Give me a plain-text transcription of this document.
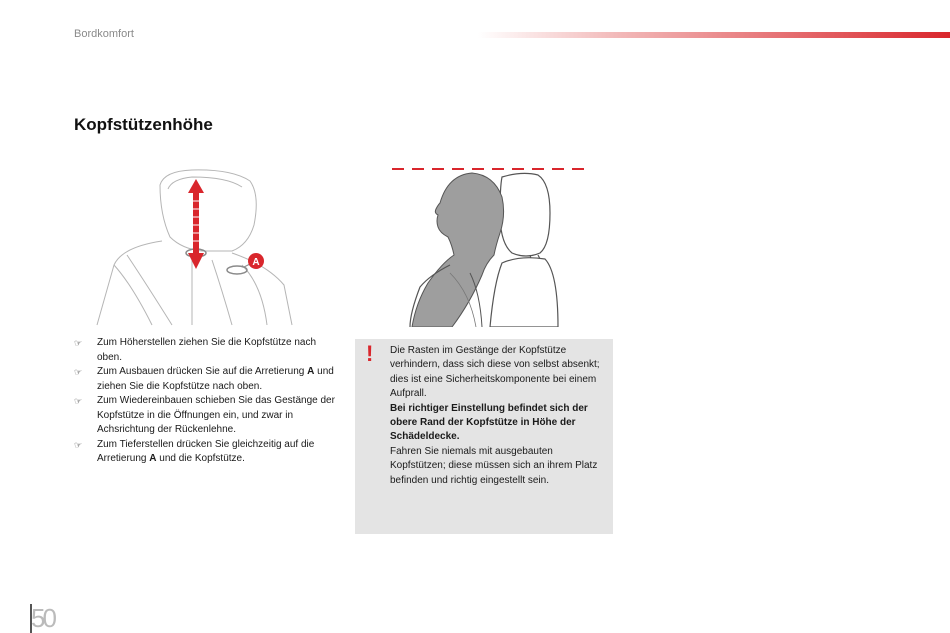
Bordkomfort
Kopfstützenhöhe
A

☞ Zum Höherstellen ziehen Sie die Kopfstütze nach oben.

☞ Zum Ausbauen drücken Sie auf die Arretierung A und ziehen Sie die Kopfstütze nach oben.

☞ Zum Wiedereinbauen schieben Sie das Gestänge der Kopfstütze in die Öffnungen ein, und zwar in Achsrichtung der Rückenlehne.

☞ Zum Tieferstellen drücken Sie gleichzeitig auf die Arretierung A und die Kopfstütze.

! Die Rasten im Gestänge der Kopfstütze verhindern, dass sich diese von selbst absenkt; dies ist eine Sicherheitskomponente bei einem Aufprall.

Bei richtiger Einstellung befindet sich der obere Rand der Kopfstütze in Höhe der Schädeldecke.

Fahren Sie niemals mit ausgebauten Kopfstützen; diese müssen sich an ihrem Platz befinden und richtig eingestellt sein.

50
